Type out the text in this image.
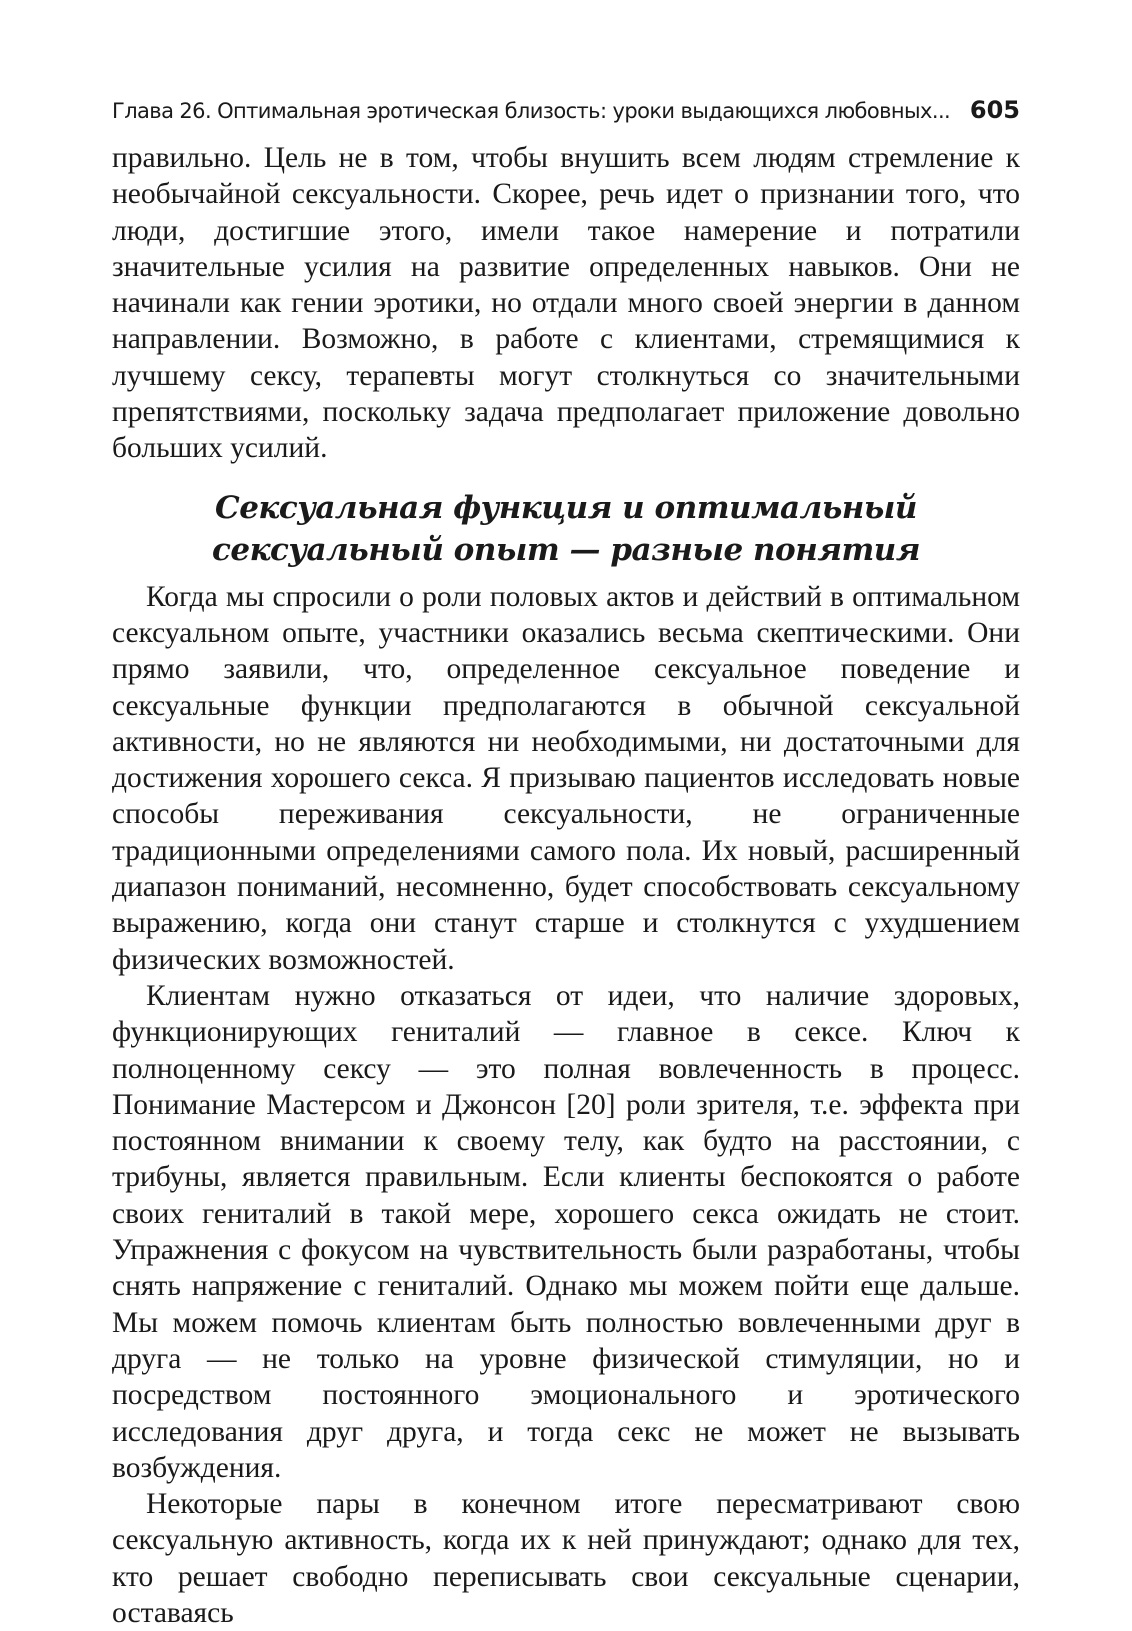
Глава 26. Оптимальная эротическая близость: уроки выдающихся любовных... 605

правильно. Цель не в том, чтобы внушить всем людям стремление к необычайной сексуальности. Скорее, речь идет о признании того, что люди, достигшие этого, имели такое намерение и потратили значительные усилия на развитие определенных навыков. Они не начинали как гении эротики, но отдали много своей энергии в данном направлении. Возможно, в работе с клиентами, стремящимися к лучшему сексу, терапевты могут столкнуться со значительными препятствиями, поскольку задача предполагает приложение довольно больших усилий.

Сексуальная функция и оптимальный
сексуальный опыт — разные понятия

Когда мы спросили о роли половых актов и действий в оптимальном сексуальном опыте, участники оказались весьма скептическими. Они прямо заявили, что, определенное сексуальное поведение и сексуальные функции предполагаются в обычной сексуальной активности, но не являются ни необходимыми, ни достаточными для достижения хорошего секса. Я призываю пациентов исследовать новые способы переживания сексуальности, не ограниченные традиционными определениями самого пола. Их новый, расширенный диапазон пониманий, несомненно, будет способствовать сексуальному выражению, когда они станут старше и столкнутся с ухудшением физических возможностей.

Клиентам нужно отказаться от идеи, что наличие здоровых, функционирующих гениталий — главное в сексе. Ключ к полноценному сексу — это полная вовлеченность в процесс. Понимание Мастерсом и Джонсон [20] роли зрителя, т.е. эффекта при постоянном внимании к своему телу, как будто на расстоянии, с трибуны, является правильным. Если клиенты беспокоятся о работе своих гениталий в такой мере, хорошего секса ожидать не стоит. Упражнения с фокусом на чувствительность были разработаны, чтобы снять напряжение с гениталий. Однако мы можем пойти еще дальше. Мы можем помочь клиентам быть полностью вовлеченными друг в друга — не только на уровне физической стимуляции, но и посредством постоянного эмоционального и эротического исследования друг друга, и тогда секс не может не вызывать возбуждения.

Некоторые пары в конечном итоге пересматривают свою сексуальную активность, когда их к ней принуждают; однако для тех, кто решает свободно переписывать свои сексуальные сценарии, оставаясь
